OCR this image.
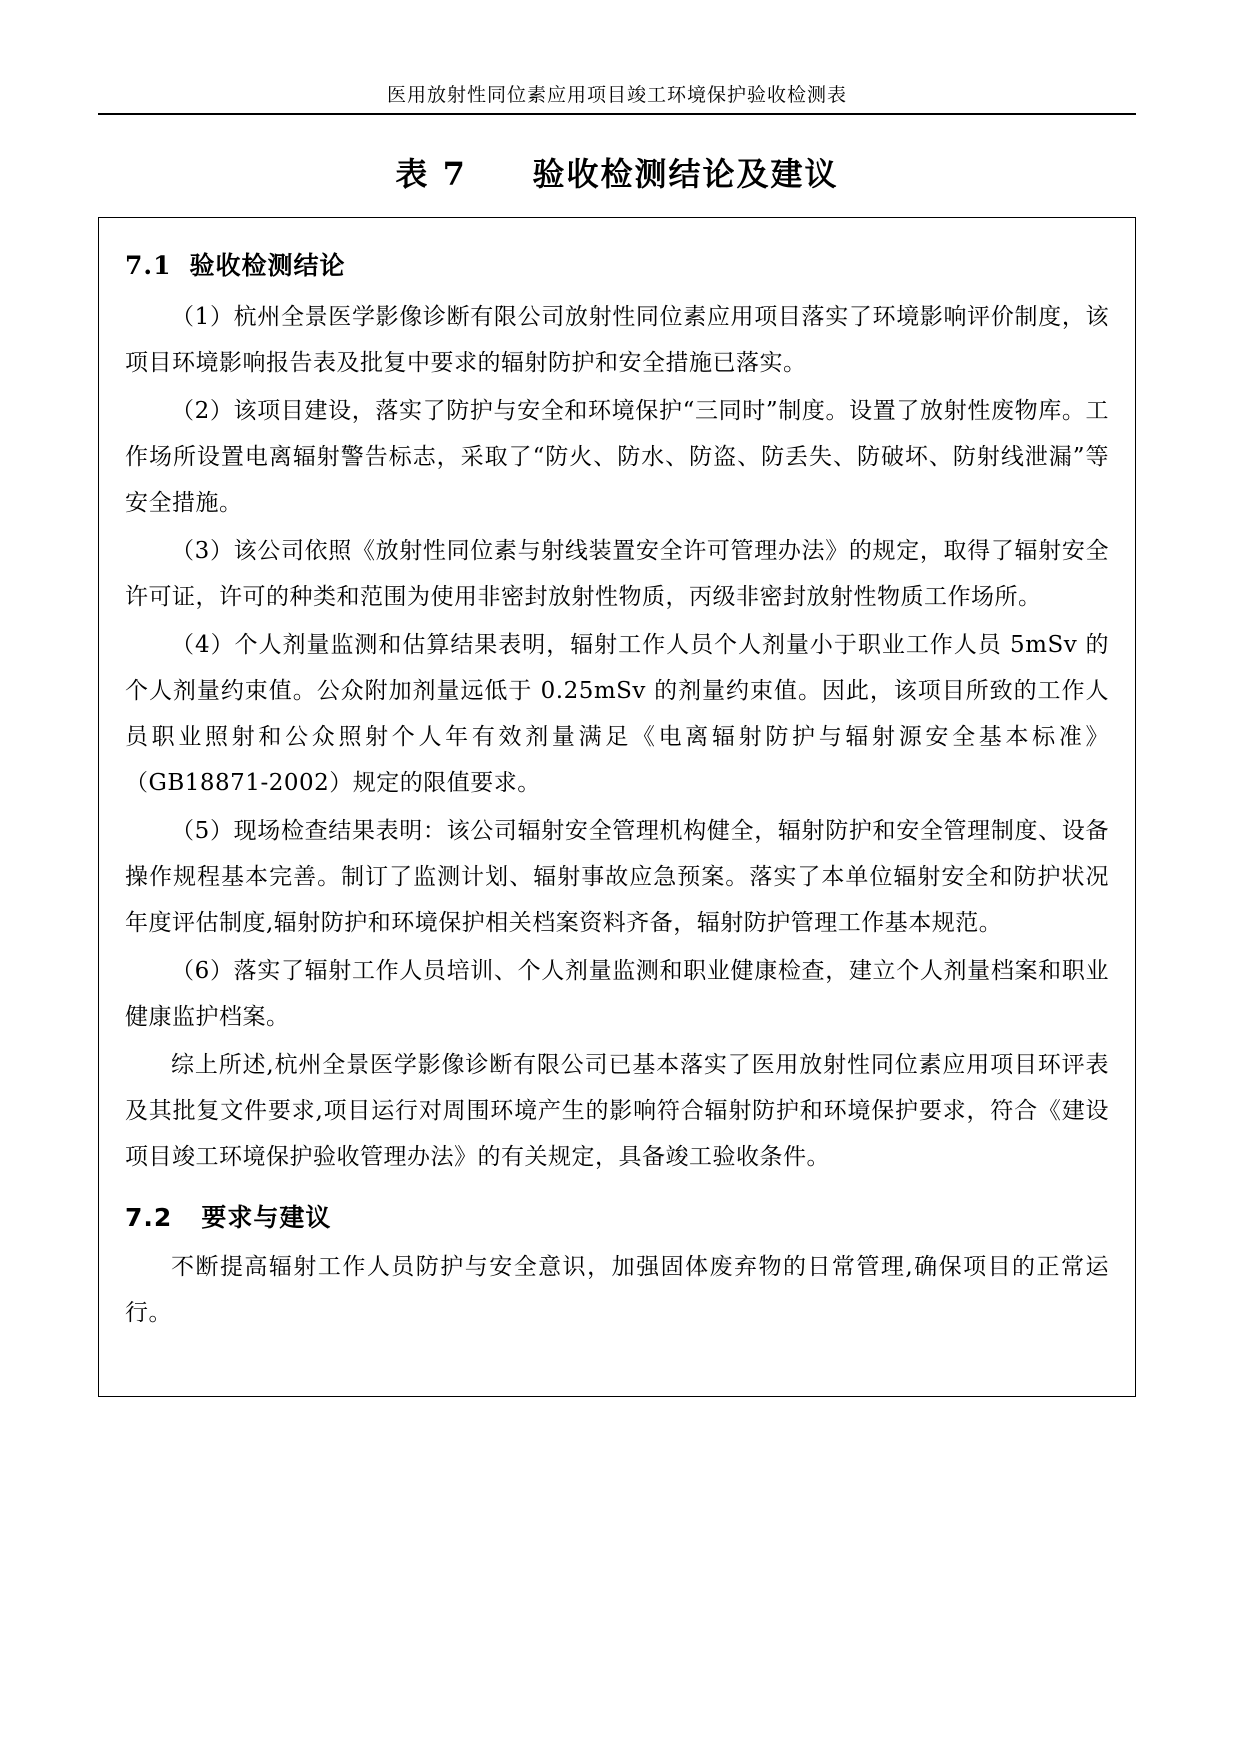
医用放射性同位素应用项目竣工环境保护验收检测表
表 7 验收检测结论及建议
7.1 验收检测结论

（1）杭州全景医学影像诊断有限公司放射性同位素应用项目落实了环境影响评价制度，该项目环境影响报告表及批复中要求的辐射防护和安全措施已落实。

（2）该项目建设，落实了防护与安全和环境保护“三同时”制度。设置了放射性废物库。工作场所设置电离辐射警告标志，采取了“防火、防水、防盗、防丢失、防破坏、防射线泄漏”等安全措施。

（3）该公司依照《放射性同位素与射线装置安全许可管理办法》的规定，取得了辐射安全许可证，许可的种类和范围为使用非密封放射性物质，丙级非密封放射性物质工作场所。

（4）个人剂量监测和估算结果表明，辐射工作人员个人剂量小于职业工作人员 5mSv 的个人剂量约束值。公众附加剂量远低于 0.25mSv 的剂量约束值。因此，该项目所致的工作人员职业照射和公众照射个人年有效剂量满足《电离辐射防护与辐射源安全基本标准》（GB18871-2002）规定的限值要求。

（5）现场检查结果表明：该公司辐射安全管理机构健全，辐射防护和安全管理制度、设备操作规程基本完善。制订了监测计划、辐射事故应急预案。落实了本单位辐射安全和防护状况年度评估制度,辐射防护和环境保护相关档案资料齐备，辐射防护管理工作基本规范。

（6）落实了辐射工作人员培训、个人剂量监测和职业健康检查，建立个人剂量档案和职业健康监护档案。

综上所述,杭州全景医学影像诊断有限公司已基本落实了医用放射性同位素应用项目环评表及其批复文件要求,项目运行对周围环境产生的影响符合辐射防护和环境保护要求，符合《建设项目竣工环境保护验收管理办法》的有关规定，具备竣工验收条件。

7.2 要求与建议

不断提高辐射工作人员防护与安全意识，加强固体废弃物的日常管理,确保项目的正常运行。
